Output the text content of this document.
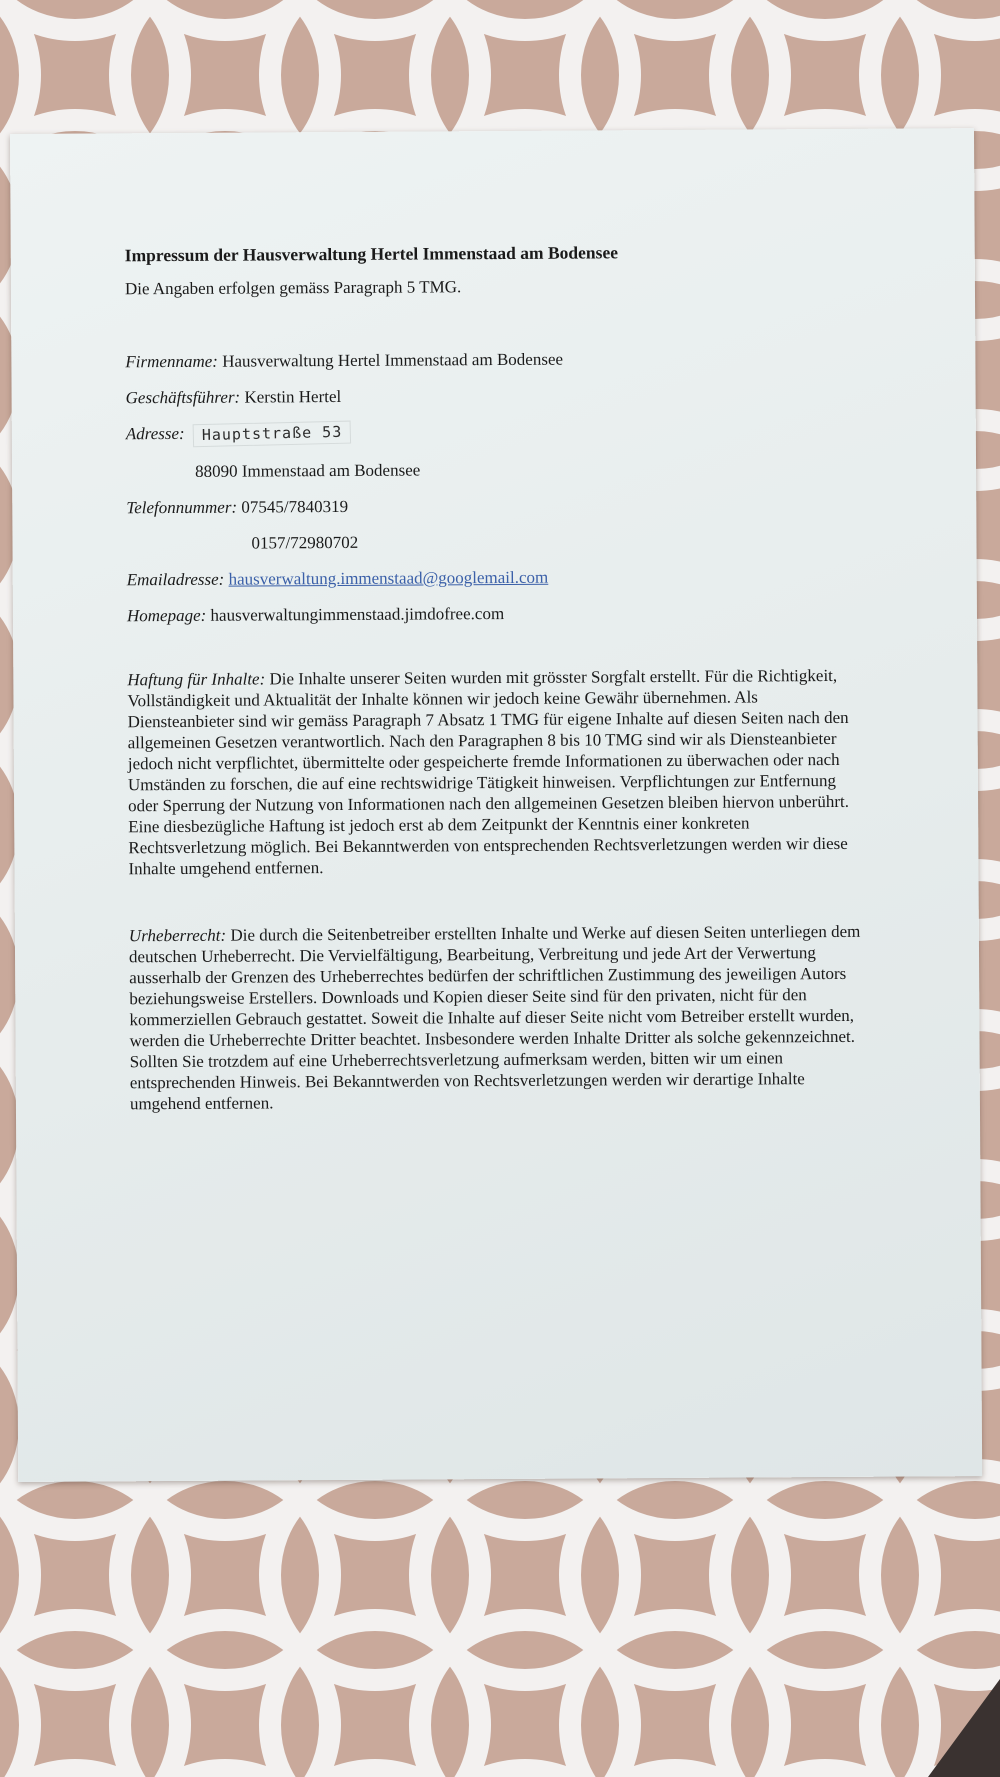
Impressum der Hausverwaltung Hertel Immenstaad am Bodensee
Die Angaben erfolgen gemäss Paragraph 5 TMG.
Firmenname: Hausverwaltung Hertel Immenstaad am Bodensee
Geschäftsführer: Kerstin Hertel
Adresse: Hauptstraße 53
88090 Immenstaad am Bodensee
Telefonnummer: 07545/7840319
0157/72980702
Emailadresse: hausverwaltung.immenstaad@googlemail.com
Homepage: hausverwaltungimmenstaad.jimdofree.com
Haftung für Inhalte: Die Inhalte unserer Seiten wurden mit grösster Sorgfalt erstellt. Für die Richtigkeit, Vollständigkeit und Aktualität der Inhalte können wir jedoch keine Gewähr übernehmen. Als Diensteanbieter sind wir gemäss Paragraph 7 Absatz 1 TMG für eigene Inhalte auf diesen Seiten nach den allgemeinen Gesetzen verantwortlich. Nach den Paragraphen 8 bis 10 TMG sind wir als Diensteanbieter jedoch nicht verpflichtet, übermittelte oder gespeicherte fremde Informationen zu überwachen oder nach Umständen zu forschen, die auf eine rechtswidrige Tätigkeit hinweisen. Verpflichtungen zur Entfernung oder Sperrung der Nutzung von Informationen nach den allgemeinen Gesetzen bleiben hiervon unberührt. Eine diesbezügliche Haftung ist jedoch erst ab dem Zeitpunkt der Kenntnis einer konkreten Rechtsverletzung möglich. Bei Bekanntwerden von entsprechenden Rechtsverletzungen werden wir diese Inhalte umgehend entfernen.
Urheberrecht: Die durch die Seitenbetreiber erstellten Inhalte und Werke auf diesen Seiten unterliegen dem deutschen Urheberrecht. Die Vervielfältigung, Bearbeitung, Verbreitung und jede Art der Verwertung ausserhalb der Grenzen des Urheberrechtes bedürfen der schriftlichen Zustimmung des jeweiligen Autors beziehungsweise Erstellers. Downloads und Kopien dieser Seite sind für den privaten, nicht für den kommerziellen Gebrauch gestattet. Soweit die Inhalte auf dieser Seite nicht vom Betreiber erstellt wurden, werden die Urheberrechte Dritter beachtet. Insbesondere werden Inhalte Dritter als solche gekennzeichnet. Sollten Sie trotzdem auf eine Urheberrechtsverletzung aufmerksam werden, bitten wir um einen entsprechenden Hinweis. Bei Bekanntwerden von Rechtsverletzungen werden wir derartige Inhalte umgehend entfernen.
